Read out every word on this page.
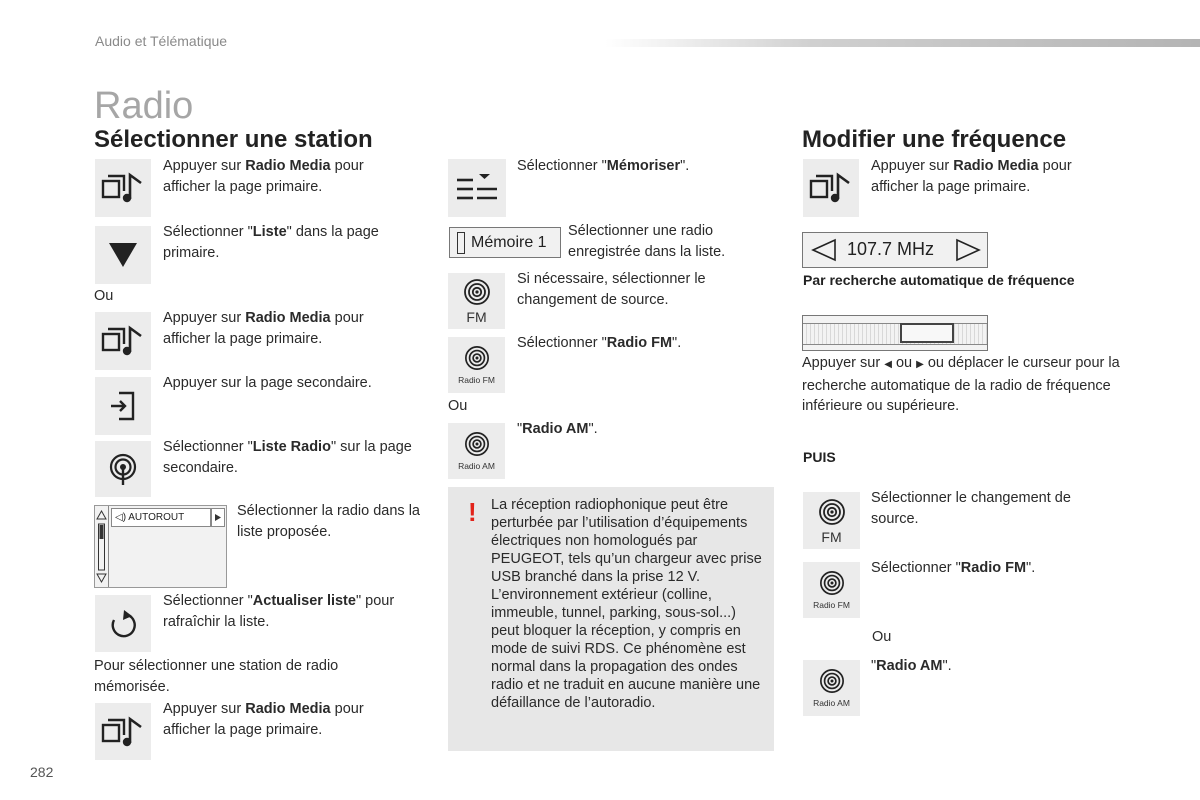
Audio et Télématique
Radio
Sélectionner une station
Appuyer sur Radio Media pour afficher la page primaire.
Sélectionner "Liste" dans la page primaire.
Ou
Appuyer sur Radio Media pour afficher la page primaire.
Appuyer sur la page secondaire.
Sélectionner "Liste Radio" sur la page secondaire.
◁) AUTOROUT	Sélectionner la radio dans la liste proposée.
Sélectionner "Actualiser liste" pour rafraîchir la liste.
Pour sélectionner une station de radio mémorisée.
Appuyer sur Radio Media pour afficher la page primaire.
Sélectionner "Mémoriser".
Mémoire 1
Sélectionner une radio enregistrée dans la liste.
FM
Si nécessaire, sélectionner le changement de source.
Radio FM
Sélectionner "Radio FM".
Ou
Radio AM
"Radio AM".
! La réception radiophonique peut être perturbée par l’utilisation d’équipements électriques non homologués par PEUGEOT, tels qu’un chargeur avec prise USB branché dans la prise 12 V.
L’environnement extérieur (colline, immeuble, tunnel, parking, sous-sol...) peut bloquer la réception, y compris en mode de suivi RDS. Ce phénomène est normal dans la propagation des ondes radio et ne traduit en aucune manière une défaillance de l’autoradio.
Modifier une fréquence
Appuyer sur Radio Media pour afficher la page primaire.
107.7 MHz
Par recherche automatique de fréquence
Appuyer sur ◀ ou ▶ ou déplacer le curseur pour la recherche automatique de la radio de fréquence inférieure ou supérieure.
PUIS
FM
Sélectionner le changement de source.
Radio FM
Sélectionner "Radio FM".
Ou
Radio AM
"Radio AM".
282
